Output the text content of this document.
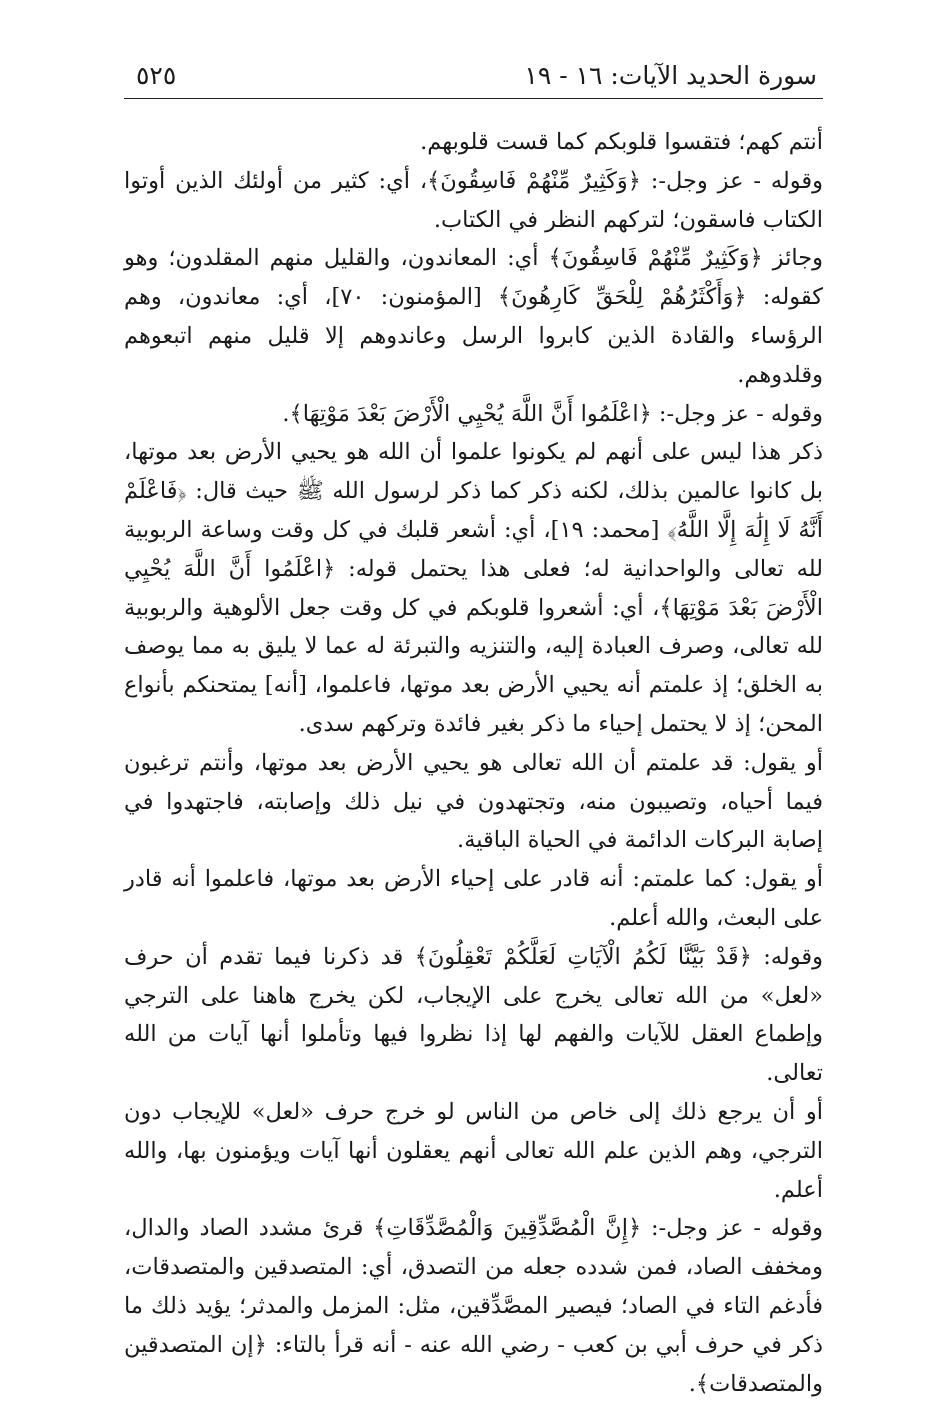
سورة الحديد الآيات: ١٦ - ١٩
٥٢٥

أنتم كهم؛ فتقسوا قلوبكم كما قست قلوبهم.

وقوله - عز وجل-: ﴿وَكَثِيرٌ مِّنْهُمْ فَاسِقُونَ﴾، أي: كثير من أولئك الذين أوتوا الكتاب فاسقون؛ لتركهم النظر في الكتاب.

وجائز ﴿وَكَثِيرٌ مِّنْهُمْ فَاسِقُونَ﴾ أي: المعاندون، والقليل منهم المقلدون؛ وهو كقوله: ﴿وَأَكْثَرُهُمْ لِلْحَقِّ كَارِهُونَ﴾ [المؤمنون: ٧٠]، أي: معاندون، وهم الرؤساء والقادة الذين كابروا الرسل وعاندوهم إلا قليل منهم اتبعوهم وقلدوهم.

وقوله - عز وجل-: ﴿اعْلَمُوا أَنَّ اللَّهَ يُحْيِي الْأَرْضَ بَعْدَ مَوْتِهَا﴾.

ذكر هذا ليس على أنهم لم يكونوا علموا أن الله هو يحيي الأرض بعد موتها، بل كانوا عالمين بذلك، لكنه ذكر كما ذكر لرسول الله ﷺ حيث قال: ﴿فَاعْلَمْ أَنَّهُ لَا إِلَٰهَ إِلَّا اللَّهُ﴾ [محمد: ١٩]، أي: أشعر قلبك في كل وقت وساعة الربوبية لله تعالى والواحدانية له؛ فعلى هذا يحتمل قوله: ﴿اعْلَمُوا أَنَّ اللَّهَ يُحْيِي الْأَرْضَ بَعْدَ مَوْتِهَا﴾، أي: أشعروا قلوبكم في كل وقت جعل الألوهية والربوبية لله تعالى، وصرف العبادة إليه، والتنزيه والتبرئة له عما لا يليق به مما يوصف به الخلق؛ إذ علمتم أنه يحيي الأرض بعد موتها، فاعلموا، [أنه] يمتحنكم بأنواع المحن؛ إذ لا يحتمل إحياء ما ذكر بغير فائدة وتركهم سدى.

أو يقول: قد علمتم أن الله تعالى هو يحيي الأرض بعد موتها، وأنتم ترغبون فيما أحياه، وتصيبون منه، وتجتهدون في نيل ذلك وإصابته، فاجتهدوا في إصابة البركات الدائمة في الحياة الباقية.

أو يقول: كما علمتم: أنه قادر على إحياء الأرض بعد موتها، فاعلموا أنه قادر على البعث، والله أعلم.

وقوله: ﴿قَدْ بَيَّنَّا لَكُمُ الْآيَاتِ لَعَلَّكُمْ تَعْقِلُونَ﴾ قد ذكرنا فيما تقدم أن حرف «لعل» من الله تعالى يخرج على الإيجاب، لكن يخرج هاهنا على الترجي وإطماع العقل للآيات والفهم لها إذا نظروا فيها وتأملوا أنها آيات من الله تعالى.

أو أن يرجع ذلك إلى خاص من الناس لو خرج حرف «لعل» للإيجاب دون الترجي، وهم الذين علم الله تعالى أنهم يعقلون أنها آيات ويؤمنون بها، والله أعلم.

وقوله - عز وجل-: ﴿إِنَّ الْمُصَّدِّقِينَ وَالْمُصَّدِّقَاتِ﴾ قرئ مشدد الصاد والدال، ومخفف الصاد، فمن شدده جعله من التصدق، أي: المتصدقين والمتصدقات، فأدغم التاء في الصاد؛ فيصير المصَّدِّقين، مثل: المزمل والمدثر؛ يؤيد ذلك ما ذكر في حرف أبي بن كعب - رضي الله عنه - أنه قرأ بالتاء: ﴿إن المتصدقين والمتصدقات﴾.
